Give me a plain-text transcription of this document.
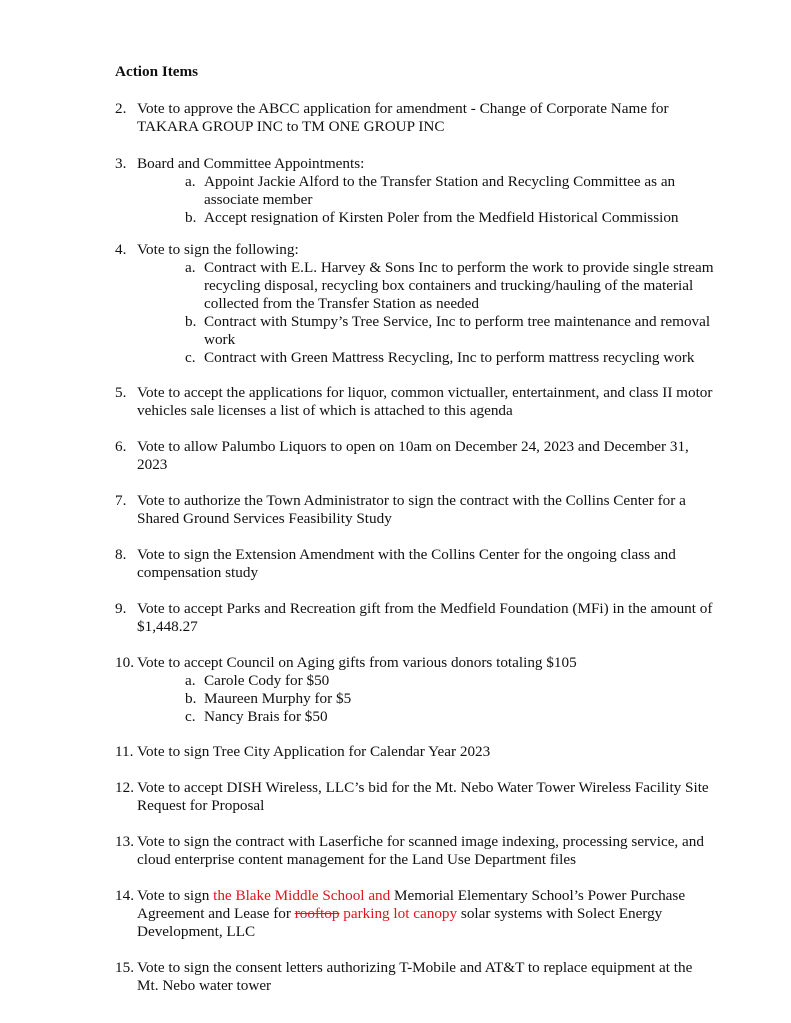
Action Items
2. Vote to approve the ABCC application for amendment - Change of Corporate Name for TAKARA GROUP INC to TM ONE GROUP INC
3. Board and Committee Appointments:
a. Appoint Jackie Alford to the Transfer Station and Recycling Committee as an associate member
b. Accept resignation of Kirsten Poler from the Medfield Historical Commission
4. Vote to sign the following:
a. Contract with E.L. Harvey & Sons Inc to perform the work to provide single stream recycling disposal, recycling box containers and trucking/hauling of the material collected from the Transfer Station as needed
b. Contract with Stumpy’s Tree Service, Inc to perform tree maintenance and removal work
c. Contract with Green Mattress Recycling, Inc to perform mattress recycling work
5. Vote to accept the applications for liquor, common victualler, entertainment, and class II motor vehicles sale licenses a list of which is attached to this agenda
6. Vote to allow Palumbo Liquors to open on 10am on December 24, 2023 and December 31, 2023
7. Vote to authorize the Town Administrator to sign the contract with the Collins Center for a Shared Ground Services Feasibility Study
8. Vote to sign the Extension Amendment with the Collins Center for the ongoing class and compensation study
9. Vote to accept Parks and Recreation gift from the Medfield Foundation (MFi) in the amount of $1,448.27
10. Vote to accept Council on Aging gifts from various donors totaling $105
a. Carole Cody for $50
b. Maureen Murphy for $5
c. Nancy Brais for $50
11. Vote to sign Tree City Application for Calendar Year 2023
12. Vote to accept DISH Wireless, LLC’s bid for the Mt. Nebo Water Tower Wireless Facility Site Request for Proposal
13. Vote to sign the contract with Laserfiche for scanned image indexing, processing service, and cloud enterprise content management for the Land Use Department files
14. Vote to sign the Blake Middle School and Memorial Elementary School’s Power Purchase Agreement and Lease for rooftop parking lot canopy solar systems with Solect Energy Development, LLC
15. Vote to sign the consent letters authorizing T-Mobile and AT&T to replace equipment at the Mt. Nebo water tower
